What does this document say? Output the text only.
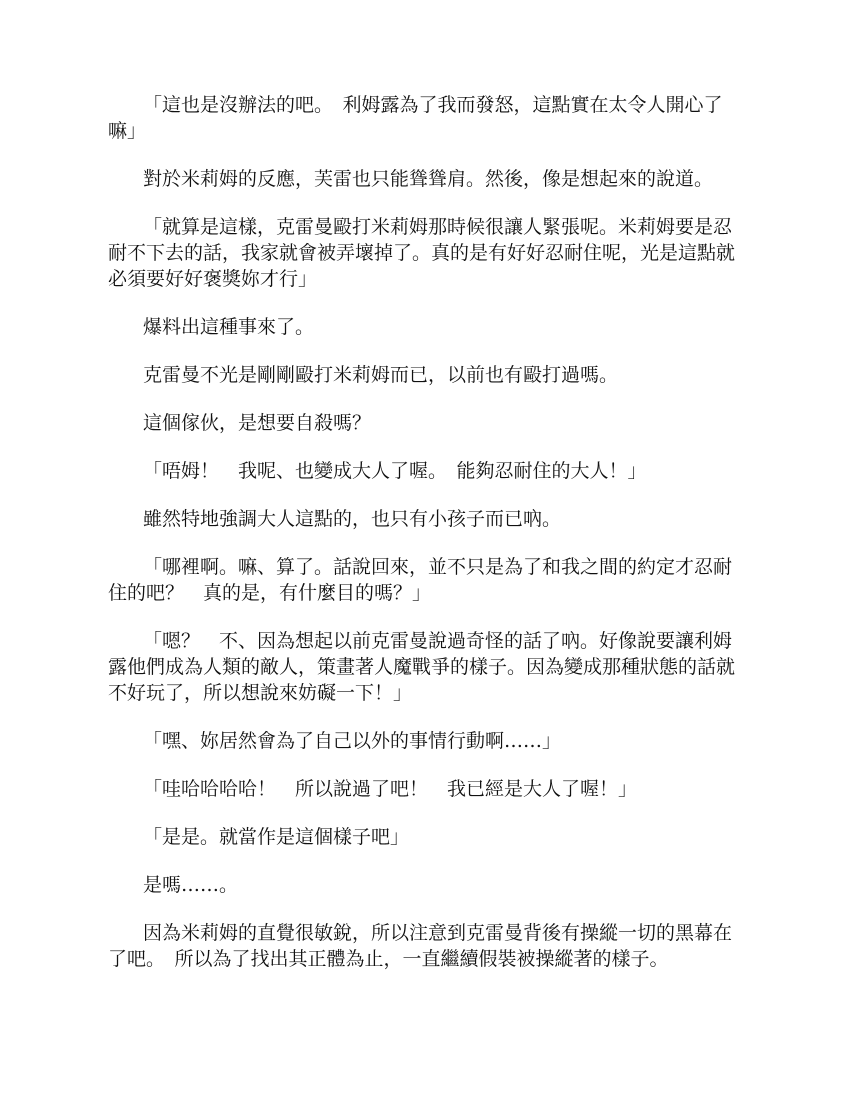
「這也是沒辦法的吧。　利姆露為了我而發怒，這點實在太令人開心了嘛」

對於米莉姆的反應，芙雷也只能聳聳肩。然後，像是想起來的說道。

「就算是這樣，克雷曼毆打米莉姆那時候很讓人緊張呢。米莉姆要是忍耐不下去的話，我家就會被弄壞掉了。真的是有好好忍耐住呢，光是這點就必須要好好褒獎妳才行」

爆料出這種事來了。

克雷曼不光是剛剛毆打米莉姆而已，以前也有毆打過嗎。

這個傢伙，是想要自殺嗎？

「唔姆！　我呢、也變成大人了喔。　能夠忍耐住的大人！」

雖然特地強調大人這點的，也只有小孩子而已吶。

「哪裡啊。嘛、算了。話說回來，並不只是為了和我之間的約定才忍耐住的吧？　真的是，有什麼目的嗎？」

「嗯？　不、因為想起以前克雷曼說過奇怪的話了吶。好像說要讓利姆露他們成為人類的敵人，策畫著人魔戰爭的樣子。因為變成那種狀態的話就不好玩了，所以想說來妨礙一下！」

「嘿、妳居然會為了自己以外的事情行動啊……」

「哇哈哈哈哈！　所以說過了吧！　我已經是大人了喔！」

「是是。就當作是這個樣子吧」

是嗎……。

因為米莉姆的直覺很敏銳，所以注意到克雷曼背後有操縱一切的黑幕在了吧。　所以為了找出其正體為止，一直繼續假裝被操縱著的樣子。
